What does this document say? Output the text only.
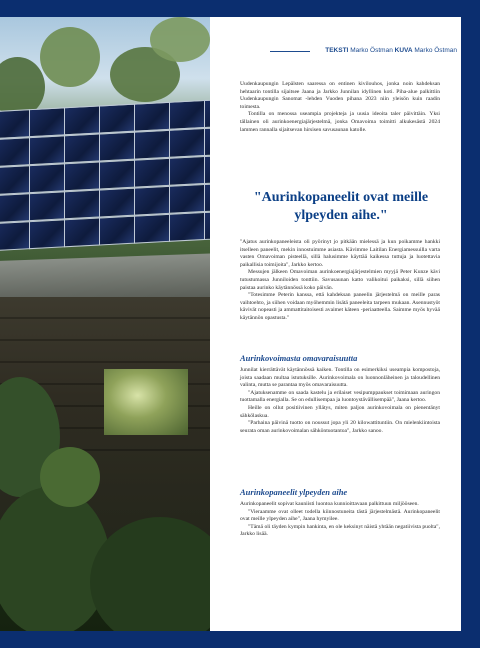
TEKSTI Marko Östman KUVA Marko Östman

Uudenkaupungin Lepälsten saaressa on entinen kivilouhos, jonka noin kahdeksan hehtaarin tontilla sijaitsee Jaana ja Jarkko Junnilan idyllinen koti. Piha-alue palkittiin Uudenkaupungin Sanomat -lehden Vuoden pihana 2023 niin yleisön kuin raadin toimesta.

Tontilla on menossa useampia projekteja ja uusia ideoita taler päivittäin. Yksi tällainen oli aurinkoenergiajärjestelmä, jonka Omavoima toimitti alkukesästä 2024 lammen rannalla sijaitsevan hirsisen savusaunan katolle.

"Aurinkopaneelit ovat meille ylpeyden aihe."

"Ajatus aurinkopaneeleista oli pyörinyt jo pitkään mielessä ja kun poikamme hankki itselleen paneelit, mekin innostuimme asiasta. Kävimme Laitilan Energiamessuilla varta vasten Omavoiman pisteellä, sillä halusimme käyttää kaikessa tuttuja ja luotettavia paikallisia toimijoita", Jarkko kertoo.

Messujen jälkeen Omavoiman aurinkoenergiajärjestelmien myyjä Peter Kunze kävi tutustumassa Junniloiden tonttiin. Savusaunan katto valikoitui paikaksi, sillä siihen paistaa aurinko käytännössä koko päivän.

"Totesimme Peterin kanssa, että kahdeksan paneelin järjestelmä on meille paras vaihtoehto, ja siihen voidaan myöhemmin lisätä paneeleita tarpeen mukaan. Asennustyöt kävivät nopeasti ja ammattitaitoisesti avaimet käteen -periaatteella. Saimme myös hyvää käytännön opastusta."

Aurinkovoimasta omavaraisuutta

Junnilat kierrättävät käytännössä kaiken. Tontilla on esimerkiksi useampia kompostoja, joista saadaan multaa istutuksille. Aurinkovoimala on luonnonläheinen ja taloudellinen valinta, mutta se parantaa myös omavaraisuutta.

"Ajatuksenamme on saada kastelu ja erilaiset vesipumppaukset toimimaan auringon tuottamalla energialla. Se on edullisempaa ja luontoystävällisempää", Jaana kertoo.

Heille on ollut positiivinen yllätys, miten paljon aurinkovoimala on pienentänyt sähkölaskua.

"Parhaina päivinä tuotto on noussut jopa yli 20 kilowattituntiin. On mielenkiintoista seurata oman aurinkovoimalan sähköntuotantoa", Jarkko sanoo.

Aurinkopaneelit ylpeyden aihe

Aurinkopaneelit sopivat kauniisti luontoa kunnioittavaan palkittuun miljööseen.

"Vieraamme ovat olleet todella kiinnostuneita tästä järjestelmästä. Aurinkopaneelit ovat meille ylpeyden aihe", Jaana hymyilee.

"Tämä oli täyden kympin hankinta, en ole keksinyt näistä yhtään negatiivista puolta", Jarkko lisää.

OMAVOIMA
